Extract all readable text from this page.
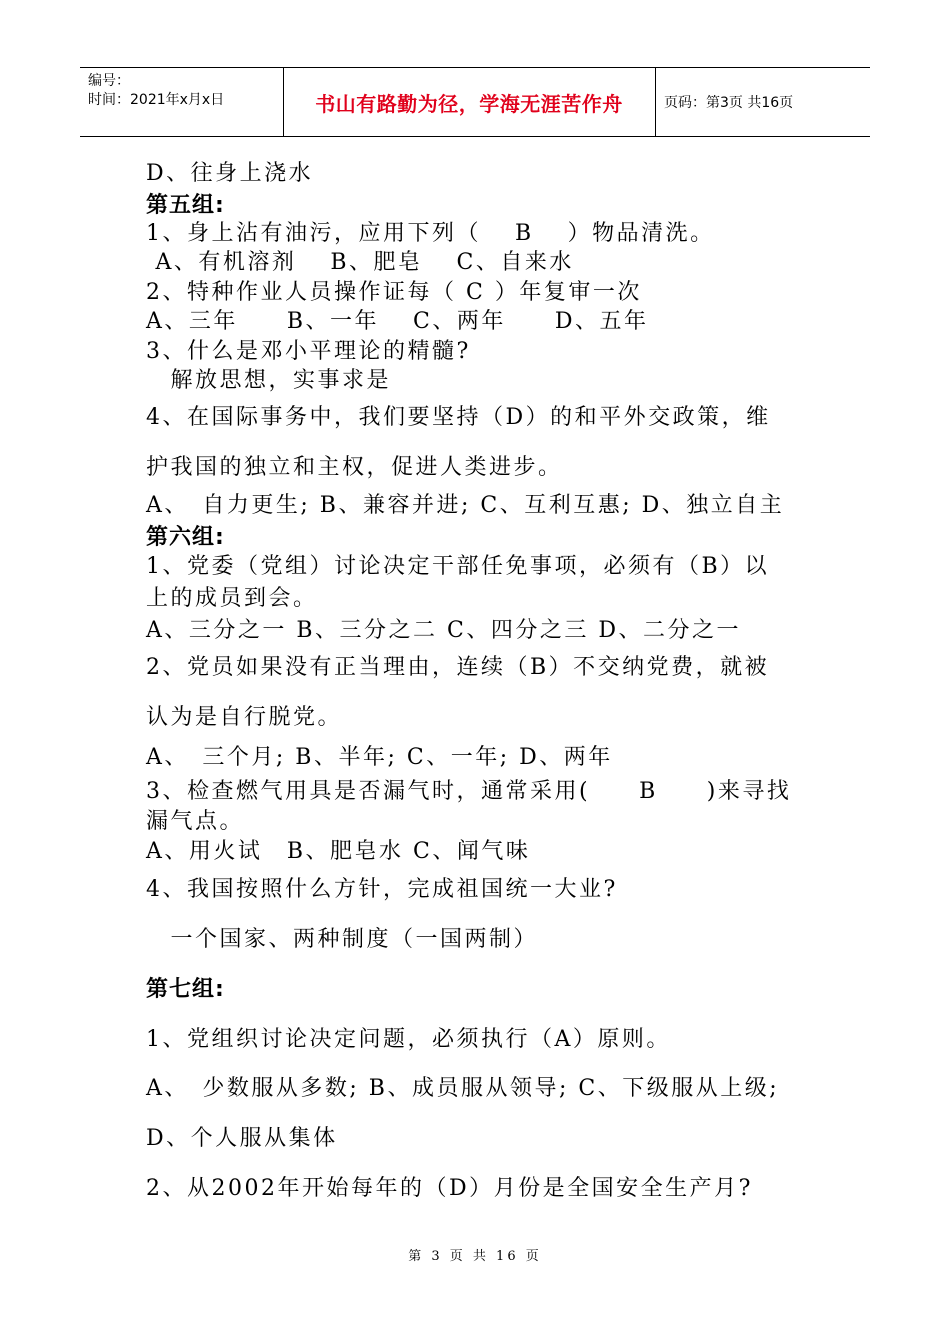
编号：
时间：2021年x月x日	书山有路勤为径，学海无涯苦作舟	页码：第3页 共16页
D、往身上浇水
第五组:
1、身上沾有油污，应用下列（　 B　 ）物品清洗。
A、有机溶剂　 B、肥皂　 C、自来水
2、特种作业人员操作证每（ C ）年复审一次
A、三年　　B、一年　 C、两年　　D、五年
3、什么是邓小平理论的精髓?
　解放思想，实事求是
4、在国际事务中，我们要坚持（D）的和平外交政策，维
护我国的独立和主权，促进人类进步。
A、　自力更生; B、兼容并进; C、互利互惠; D、独立自主
第六组:
1、党委（党组）讨论决定干部任免事项，必须有（B）以
上的成员到会。
A、三分之一 B、三分之二 C、四分之三 D、二分之一
2、党员如果没有正当理由，连续（B）不交纳党费，就被
认为是自行脱党。
A、　三个月; B、半年; C、一年; D、两年
3、检查燃气用具是否漏气时，通常采用(　　B　　)来寻找
漏气点。
A、用火试　B、肥皂水 C、闻气味
4、我国按照什么方针，完成祖国统一大业?
　一个国家、两种制度（一国两制）
第七组:
1、党组织讨论决定问题，必须执行（A）原则。
A、　少数服从多数; B、成员服从领导; C、下级服从上级;
D、个人服从集体
2、从2002年开始每年的（D）月份是全国安全生产月?
第 3 页 共 16 页
